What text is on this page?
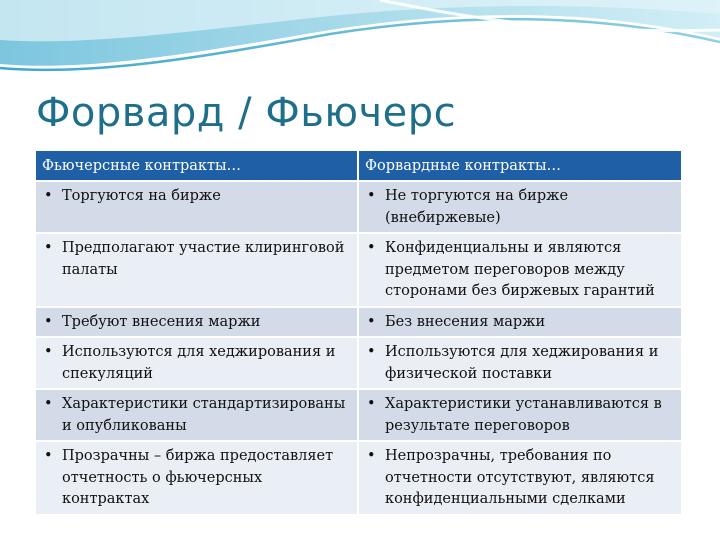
Форвард / Фьючерс
Фьючерсные контракты…	Форвардные контракты…

• Торгуются на бирже	• Не торгуются на бирже (внебиржевые)

• Предполагают участие клиринговой палаты	• Конфиденциальны и являются предметом переговоров между сторонами без биржевых гарантий

• Требуют внесения маржи	• Без внесения маржи

• Используются для хеджирования и спекуляций	• Используются для хеджирования и физической поставки

• Характеристики стандартизированы и опубликованы	• Характеристики устанавливаются в результате переговоров

• Прозрачны – биржа предоставляет отчетность о фьючерсных контрактах	• Непрозрачны, требования по отчетности отсутствуют, являются конфиденциальными сделками
